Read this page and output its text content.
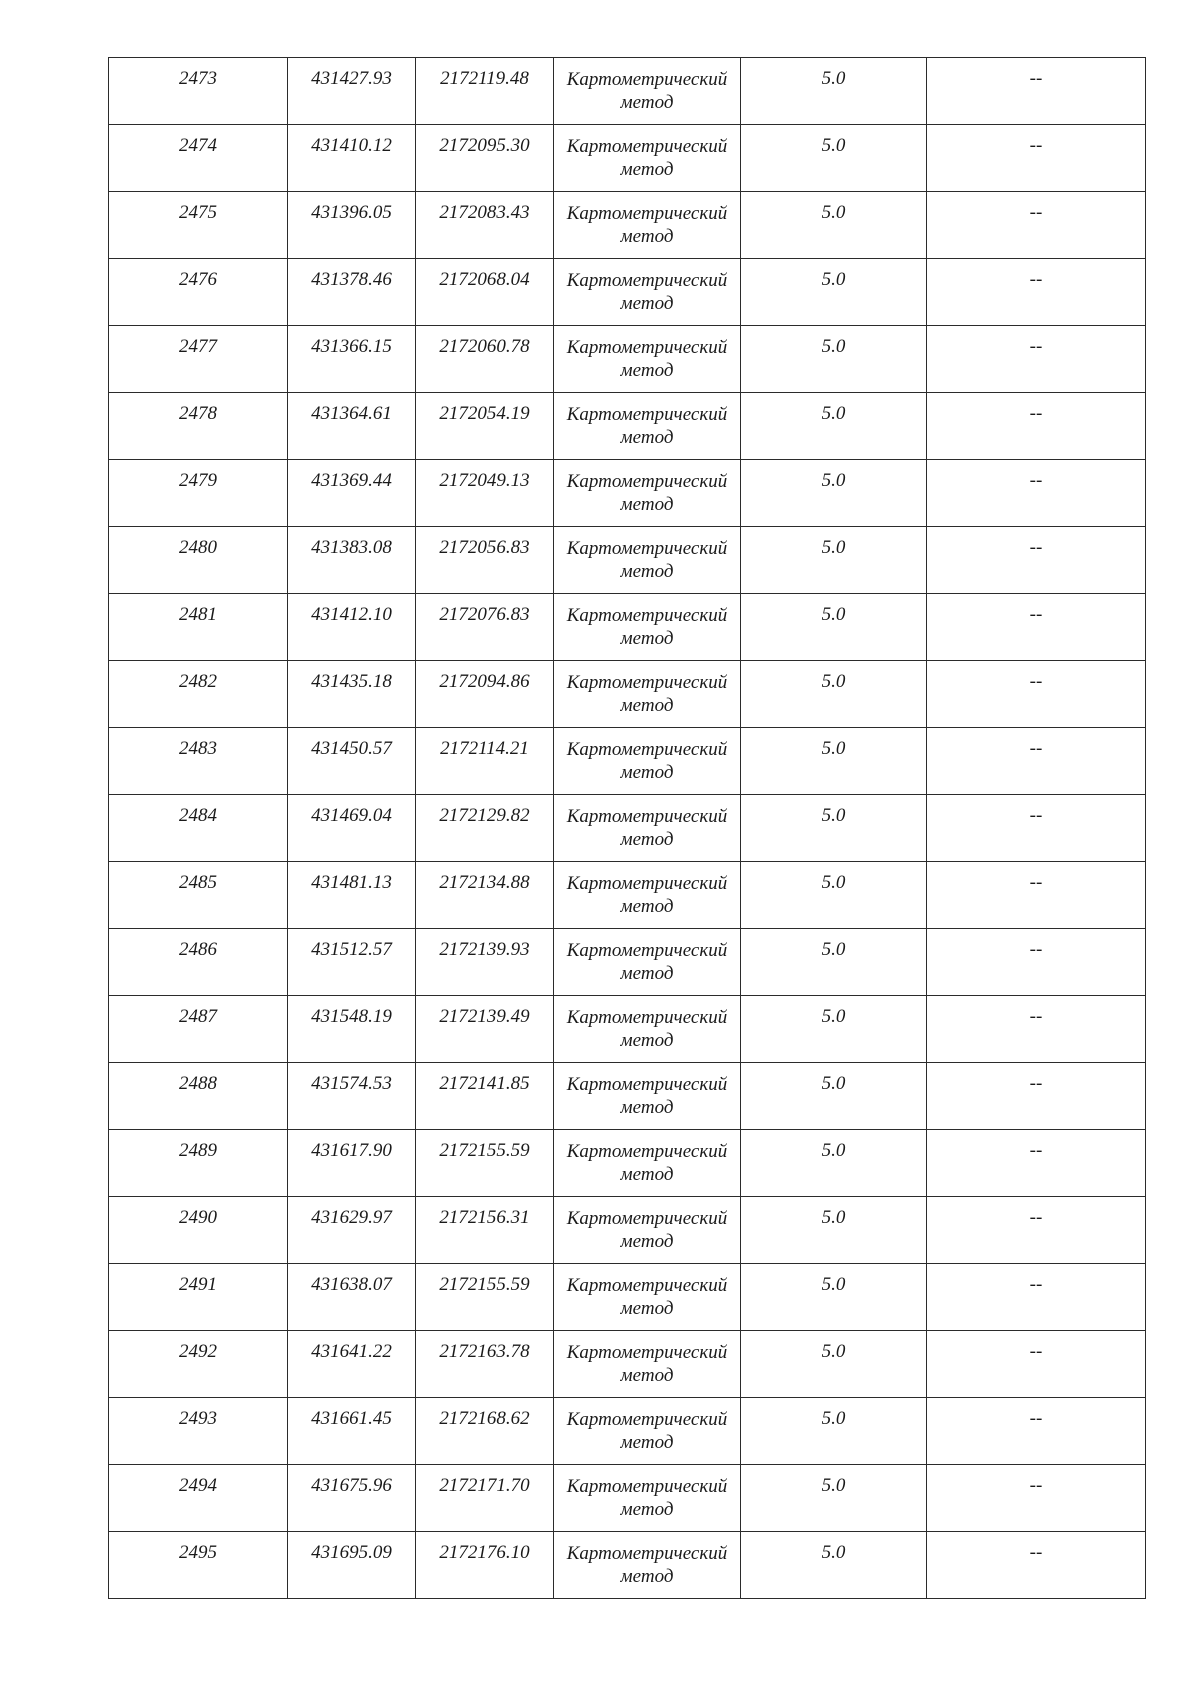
2473	431427.93	2172119.48	Картометрический метод	5.0	--

2474	431410.12	2172095.30	Картометрический метод	5.0	--

2475	431396.05	2172083.43	Картометрический метод	5.0	--

2476	431378.46	2172068.04	Картометрический метод	5.0	--

2477	431366.15	2172060.78	Картометрический метод	5.0	--

2478	431364.61	2172054.19	Картометрический метод	5.0	--

2479	431369.44	2172049.13	Картометрический метод	5.0	--

2480	431383.08	2172056.83	Картометрический метод	5.0	--

2481	431412.10	2172076.83	Картометрический метод	5.0	--

2482	431435.18	2172094.86	Картометрический метод	5.0	--

2483	431450.57	2172114.21	Картометрический метод	5.0	--

2484	431469.04	2172129.82	Картометрический метод	5.0	--

2485	431481.13	2172134.88	Картометрический метод	5.0	--

2486	431512.57	2172139.93	Картометрический метод	5.0	--

2487	431548.19	2172139.49	Картометрический метод	5.0	--

2488	431574.53	2172141.85	Картометрический метод	5.0	--

2489	431617.90	2172155.59	Картометрический метод	5.0	--

2490	431629.97	2172156.31	Картометрический метод	5.0	--

2491	431638.07	2172155.59	Картометрический метод	5.0	--

2492	431641.22	2172163.78	Картометрический метод	5.0	--

2493	431661.45	2172168.62	Картометрический метод	5.0	--

2494	431675.96	2172171.70	Картометрический метод	5.0	--

2495	431695.09	2172176.10	Картометрический метод	5.0	--
